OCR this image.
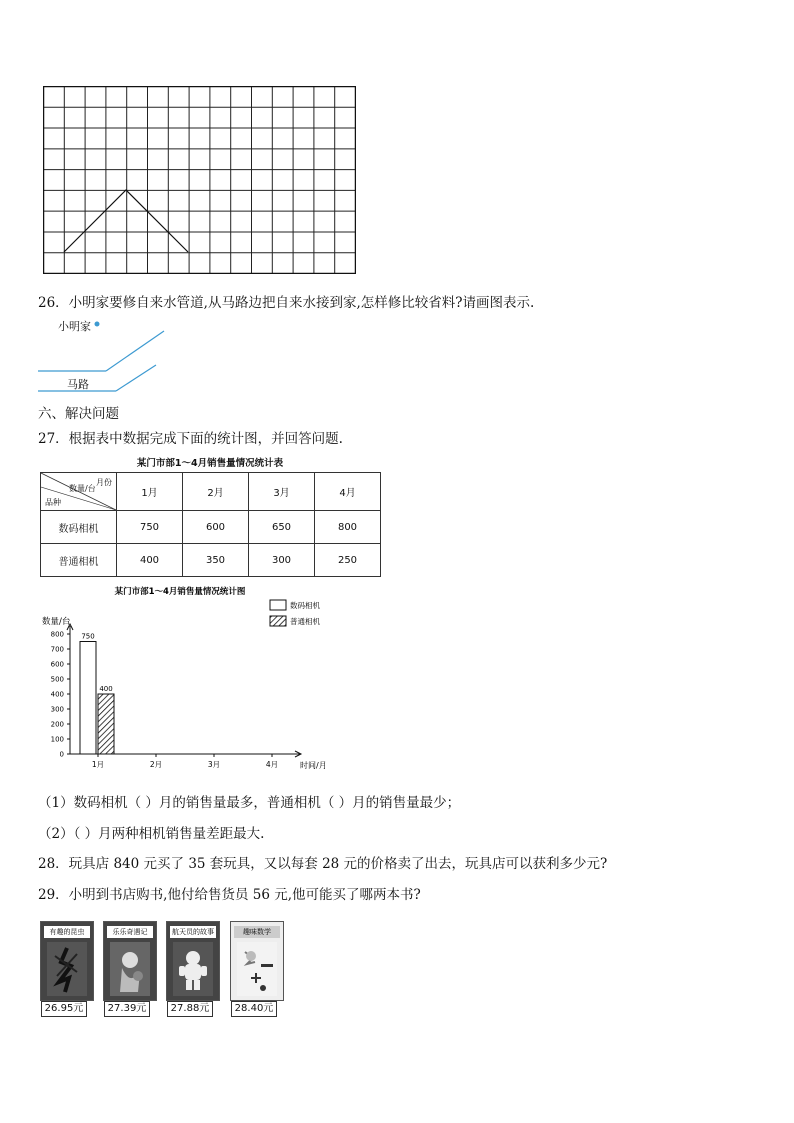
26．小明家要修自来水管道,从马路边把自来水接到家,怎样修比较省料?请画图表示.
小明家
马路
六、解决问题
27．根据表中数据完成下面的统计图，并回答问题.
某门市部1～4月销售量情况统计表
月份
数量/台
品种	1月	2月	3月	4月
数码相机	750	600	650	800
普通相机	400	350	300	250
某门市部1～4月销售量情况统计图
数量/台
时间/月
0
100
200
300
400
500
600
700
800
1月	2月	3月	4月
750
400
数码相机
普通相机
（1）数码相机（ ）月的销售量最多，普通相机（ ）月的销售量最少；
（2）（ ）月两种相机销售量差距最大.
28．玩具店 840 元买了 35 套玩具，又以每套 28 元的价格卖了出去，玩具店可以获利多少元?
29．小明到书店购书,他付给售货员 56 元,他可能买了哪两本书?
有趣的昆虫
26.95元
乐乐奇遇记
27.39元
航天员的故事
27.88元
趣味数学
28.40元
